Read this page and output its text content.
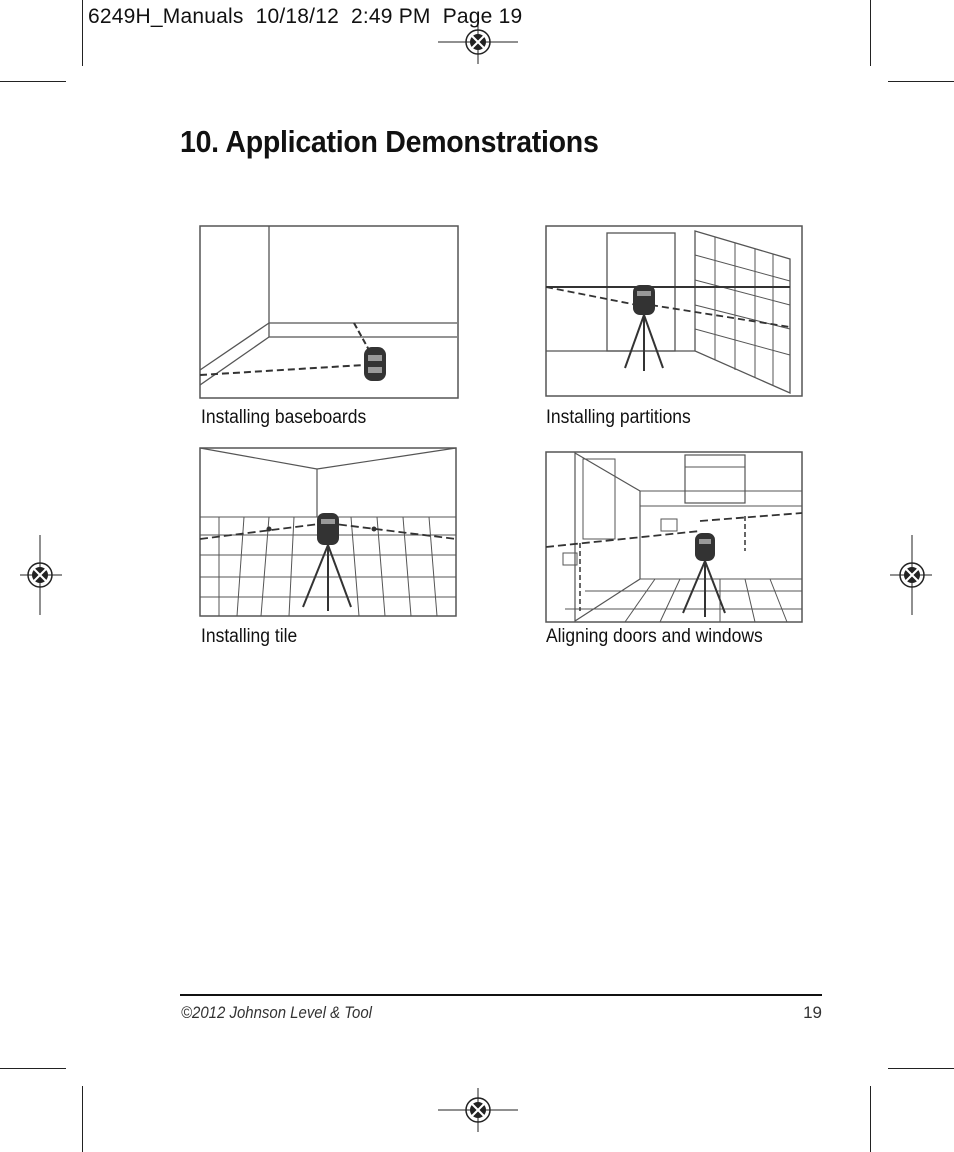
6249H_Manuals  10/18/12  2:49 PM  Page 19
10. Application Demonstrations
Installing baseboards	Installing partitions
Installing tile	Aligning doors and windows
©2012 Johnson Level & Tool	19
